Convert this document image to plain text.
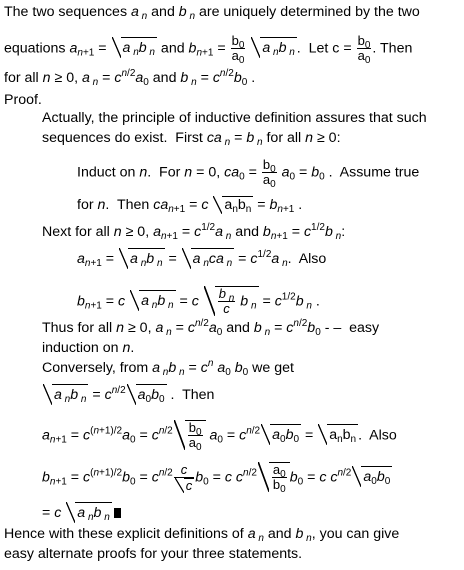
The two sequences a $_n$ and b $_n$ are uniquely determined by the two
equations $a_{n+1} = a$ $_n$b $_n$ and $b_{n+1} = \frac{b_0}{a_0}$ a $_n$b $_n$ .  Let $c = \frac{b_0}{a_0}$ . Then
for all n ≥ 0, a $_n = c^{n/2}a_0$ and b $_n = c^{n/2}b_0$ .
Proof.
Actually, the principle of inductive definition assures that such
sequences do exist.  First ca $_n$ = b $_n$ for all n ≥ 0:
Induct on n.  For n = 0, $ca_0 = \frac{b_0}{a_0} a_0 = b_0$ .  Assume true
for n.  Then $ca_{n+1} = c$ $a_nb_n = b_{n+1}$ .
Next for all n ≥ 0, $a_{n+1} = c^{1/2}a$ $_n$ and $b_{n+1} = c^{1/2}b$ $_n$:
$a_{n+1} = a$ $_n$b $_n$ = a $_n$ca $_n = c^{1/2}a$ $_n$.  Also
$b_{n+1} = c$ a $_n$b $_n$ = c $\frac{b _n}{c}$ b $_n = c^{1/2}b$ $_n$ .
Thus for all n ≥ 0, a $_n = c^{n/2}a_0$ and b $_n = c^{n/2}b_0$ - –  easy
induction on n.
Conversely, from a $_n$b $_n = c^n$ $a_0$ $b_0$ we get
a $_n$b $_n = c^{n/2}$ $a_0b_0$ .  Then
$a_{n+1} = c^{(n+1)/2}a_0 = c^{n/2} \frac{b_0}{a_0} a_0 = c^{n/2}$ $a_0b_0 = a_nb_n$ .  Also
$b_{n+1} = c^{(n+1)/2}b_0 = c^{n/2} \frac{c}{c} b_0 = c$ $c^{n/2} \frac{a_0}{b_0} b_0 = c$ $c^{n/2}$ $a_0b_0$
= c a $_n$b $_n$
Hence with these explicit definitions of a $_n$ and b $_n$, you can give
easy alternate proofs for your three statements.
